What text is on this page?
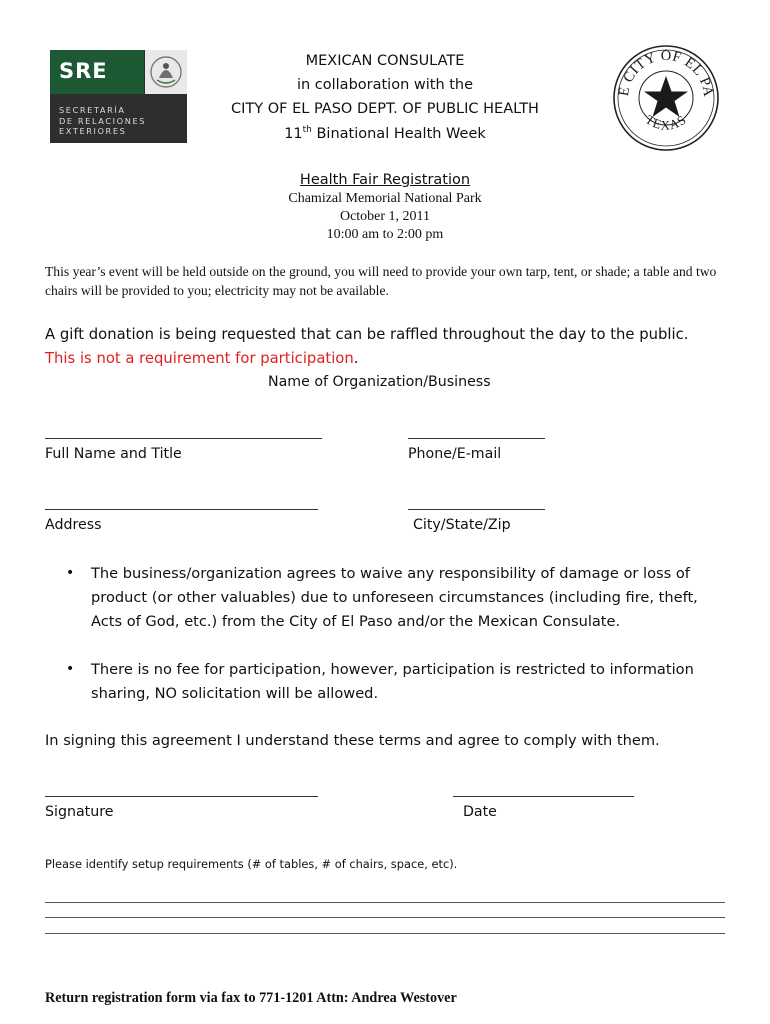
SRE
SECRETARÍA
DE RELACIONES
EXTERIORES
MEXICAN CONSULATE
in collaboration with the
CITY OF EL PASO DEPT. OF PUBLIC HEALTH
11th Binational Health Week
E CITY OF EL PA
TEXAS
Health Fair Registration
Chamizal Memorial National Park
October 1, 2011
10:00 am to 2:00 pm
This year’s event will be held outside on the ground, you will need to provide your own tarp, tent, or shade; a table and two chairs will be provided to you; electricity may not be available.
A gift donation is being requested that can be raffled throughout the day to the public.
This is not a requirement for participation.
Name of Organization/Business
Full Name and Title	Phone/E-mail
Address	City/State/Zip
• The business/organization agrees to waive any responsibility of damage or loss of
product (or other valuables) due to unforeseen circumstances (including fire, theft,
Acts of God, etc.) from the City of El Paso and/or the Mexican Consulate.
• There is no fee for participation, however, participation is restricted to information
sharing, NO solicitation will be allowed.
In signing this agreement I understand these terms and agree to comply with them.
Signature	Date
Please identify setup requirements (# of tables, # of chairs, space, etc).
Return registration form via fax to 771-1201 Attn: Andrea Westover
